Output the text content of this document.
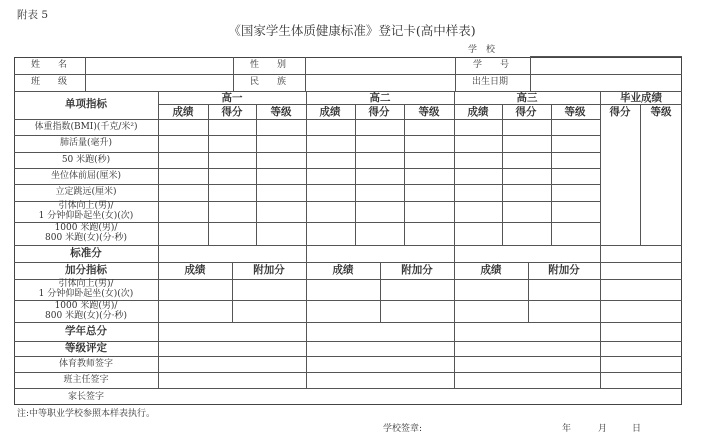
附表 5
《国家学生体质健康标准》登记卡(高中样表)
学　校
姓　　名	性　　别	学　　号
班　　级	民　　族	出生日期
单项指标	高一	高二	高三	毕业成绩
成绩	得分	等级	成绩	得分	等级	成绩	得分	等级 得分 等级
体重指数(BMI)(千克/米²)
肺活量(毫升)
50 米跑(秒)
坐位体前屈(厘米)
立定跳远(厘米)
引体向上(男)/
1 分钟仰卧起坐(女)(次)
1000 米跑(男)/
800 米跑(女)(分·秒)
标准分
加分指标	成绩	附加分	成绩	附加分	成绩	附加分
引体向上(男)/
1 分钟仰卧起坐(女)(次)
1000 米跑(男)/
800 米跑(女)(分·秒)
学年总分
等级评定
体育教师签字
班主任签字
家长签字
注:中等职业学校参照本样表执行。
学校签章:	年	月	日
